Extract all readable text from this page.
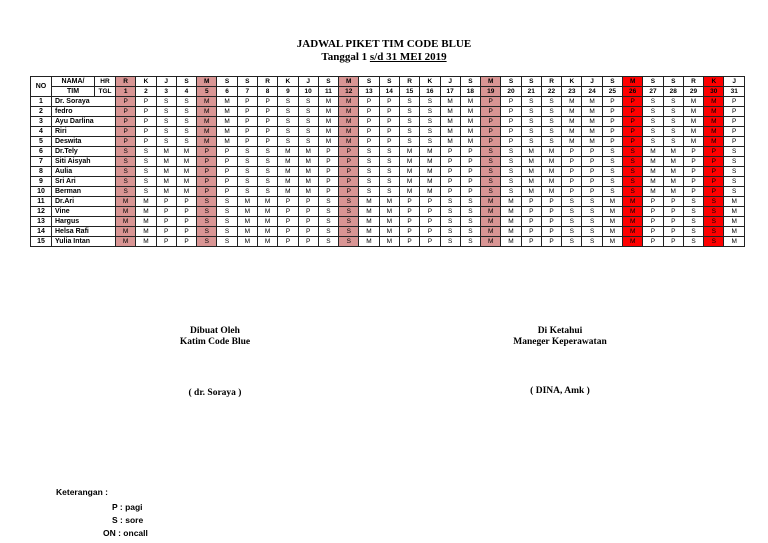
JADWAL PIKET TIM CODE BLUE
Tanggal 1 s/d 31 MEI 2019
NO	NAMA/	HR	R	K	J	S	M	S	S	R	K	J	S	M	S	S	R	K	J	S	M	S	S	R	K	J	S	M	S	S	R	K	J
	TIM	TGL	1	2	3	4	5	6	7	8	9	10	11	12	13	14	15	16	17	18	19	20	21	22	23	24	25	26	27	28	29	30	31
1	Dr. Soraya		P	P	S	S	M	M	P	P	S	S	M	M	P	P	S	S	M	M	P	P	S	S	M	M	P	P	S	S	M	M	P
2	fedro		P	P	S	S	M	M	P	P	S	S	M	M	P	P	S	S	M	M	P	P	S	S	M	M	P	P	S	S	M	M	P
3	Ayu Darlina		P	P	S	S	M	M	P	P	S	S	M	M	P	P	S	S	M	M	P	P	S	S	M	M	P	P	S	S	M	M	P
4	Riri		P	P	S	S	M	M	P	P	S	S	M	M	P	P	S	S	M	M	P	P	S	S	M	M	P	P	S	S	M	M	P
5	Deswita		P	P	S	S	M	M	P	P	S	S	M	M	P	P	S	S	M	M	P	P	S	S	M	M	P	P	S	S	M	M	P
6	Dr.Tely		S	S	M	M	P	P	S	S	M	M	P	P	S	S	M	M	P	P	S	S	M	M	P	P	S	S	M	M	P	P	S
7	Siti Aisyah		S	S	M	M	P	P	S	S	M	M	P	P	S	S	M	M	P	P	S	S	M	M	P	P	S	S	M	M	P	P	S
8	Aulia		S	S	M	M	P	P	S	S	M	M	P	P	S	S	M	M	P	P	S	S	M	M	P	P	S	S	M	M	P	P	S
9	Sri Ari		S	S	M	M	P	P	S	S	M	M	P	P	S	S	M	M	P	P	S	S	M	M	P	P	S	S	M	M	P	P	S
10	Berman		S	S	M	M	P	P	S	S	M	M	P	P	S	S	M	M	P	P	S	S	M	M	P	P	S	S	M	M	P	P	S
11	Dr.Ari		M	M	P	P	S	S	M	M	P	P	S	S	M	M	P	P	S	S	M	M	P	P	S	S	M	M	P	P	S	S	M
12	Vine		M	M	P	P	S	S	M	M	P	P	S	S	M	M	P	P	S	S	M	M	P	P	S	S	M	M	P	P	S	S	M
13	Hargus		M	M	P	P	S	S	M	M	P	P	S	S	M	M	P	P	S	S	M	M	P	P	S	S	M	M	P	P	S	S	M
14	Helsa Rafi		M	M	P	P	S	S	M	M	P	P	S	S	M	M	P	P	S	S	M	M	P	P	S	S	M	M	P	P	S	S	M
15	Yulia Intan		M	M	P	P	S	S	M	M	P	P	S	S	M	M	P	P	S	S	M	M	P	P	S	S	M	M	P	P	S	S	M
Dibuat Oleh
Katim Code Blue
Di Ketahui
Maneger Keperawatan
( dr. Soraya )	( DINA, Amk )
Keterangan :
P : pagi
S : sore
ON : oncall
